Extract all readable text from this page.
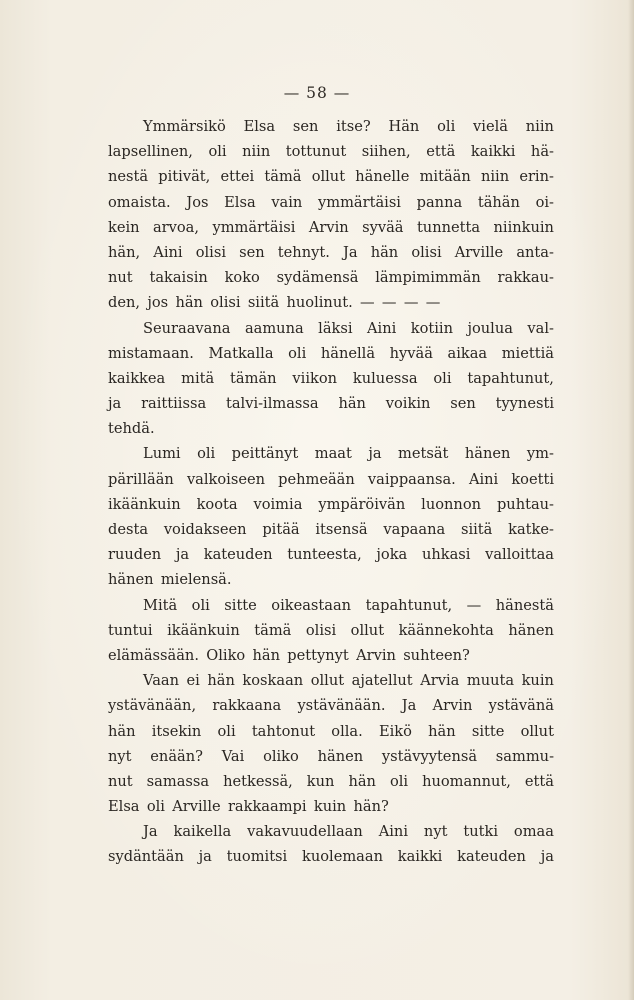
— 58 —
Ymmärsikö Elsa sen itse? Hän oli vielä niin
lapsellinen, oli niin tottunut siihen, että kaikki hä-
nestä pitivät, ettei tämä ollut hänelle mitään niin erin-
omaista. Jos Elsa vain ymmärtäisi panna tähän oi-
kein arvoa, ymmärtäisi Arvin syvää tunnetta niinkuin
hän, Aini olisi sen tehnyt. Ja hän olisi Arville anta-
nut takaisin koko sydämensä lämpimimmän rakkau-
den, jos hän olisi siitä huolinut. — — — —
Seuraavana aamuna läksi Aini kotiin joulua val-
mistamaan. Matkalla oli hänellä hyvää aikaa miettiä
kaikkea mitä tämän viikon kuluessa oli tapahtunut,
ja raittiissa talvi-ilmassa hän voikin sen tyynesti
tehdä.
Lumi oli peittänyt maat ja metsät hänen ym-
pärillään valkoiseen pehmeään vaippaansa. Aini koetti
ikäänkuin koota voimia ympäröivän luonnon puhtau-
desta voidakseen pitää itsensä vapaana siitä katke-
ruuden ja kateuden tunteesta, joka uhkasi valloittaa
hänen mielensä.
Mitä oli sitte oikeastaan tapahtunut, — hänestä
tuntui ikäänkuin tämä olisi ollut käännekohta hänen
elämässään. Oliko hän pettynyt Arvin suhteen?
Vaan ei hän koskaan ollut ajatellut Arvia muuta kuin
ystävänään, rakkaana ystävänään. Ja Arvin ystävänä
hän itsekin oli tahtonut olla. Eikö hän sitte ollut
nyt enään? Vai oliko hänen ystävyytensä sammu-
nut samassa hetkessä, kun hän oli huomannut, että
Elsa oli Arville rakkaampi kuin hän?
Ja kaikella vakavuudellaan Aini nyt tutki omaa
sydäntään ja tuomitsi kuolemaan kaikki kateuden ja
